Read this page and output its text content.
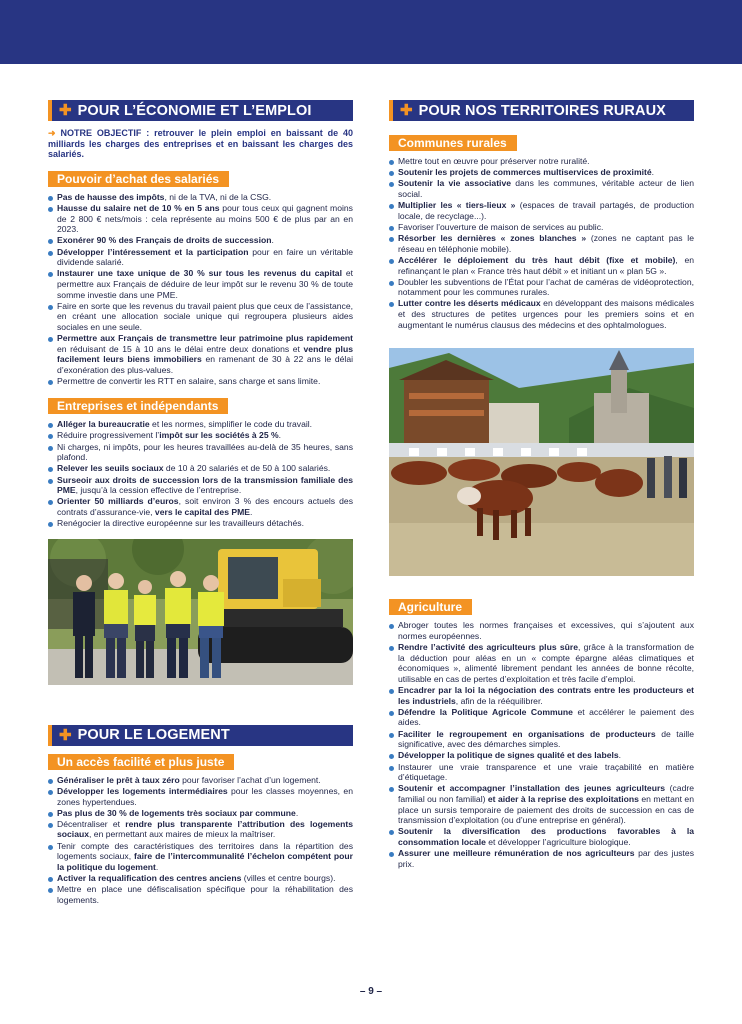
✚ POUR L’ÉCONOMIE ET L’EMPLOI

➜ NOTRE OBJECTIF : retrouver le plein emploi en baissant de 40 milliards les charges des entreprises et en baissant les charges des salariés.

Pouvoir d’achat des salariés
Pas de hausse des impôts, ni de la TVA, ni de la CSG.
Hausse du salaire net de 10 % en 5 ans pour tous ceux qui gagnent moins de 2 800 € nets/mois : cela représente au moins 500 € de plus par an en 2023.
Exonérer 90 % des Français de droits de succession.
Développer l’intéressement et la participation pour en faire un véritable dividende salarié.
Instaurer une taxe unique de 30 % sur tous les revenus du capital et permettre aux Français de déduire de leur impôt sur le revenu 30 % de toute somme investie dans une PME.
Faire en sorte que les revenus du travail paient plus que ceux de l’assistance, en créant une allocation sociale unique qui regroupera plusieurs aides sociales en une seule.
Permettre aux Français de transmettre leur patrimoine plus rapidement en réduisant de 15 à 10 ans le délai entre deux donations et vendre plus facilement leurs biens immobiliers en ramenant de 30 à 22 ans le délai d’exonération des plus-values.
Permettre de convertir les RTT en salaire, sans charge et sans limite.
Entreprises et indépendants
Alléger la bureaucratie et les normes, simplifier le code du travail.
Réduire progressivement l’impôt sur les sociétés à 25 %.
Ni charges, ni impôts, pour les heures travaillées au-delà de 35 heures, sans plafond.
Relever les seuils sociaux de 10 à 20 salariés et de 50 à 100 salariés.
Surseoir aux droits de succession lors de la transmission familiale des PME, jusqu’à la cession effective de l’entreprise.
Orienter 50 milliards d’euros, soit environ 3 % des encours actuels des contrats d’assurance-vie, vers le capital des PME.
Renégocier la directive européenne sur les travailleurs détachés.
✚ POUR LE LOGEMENT
Un accès facilité et plus juste
Généraliser le prêt à taux zéro pour favoriser l’achat d’un logement.
Développer les logements intermédiaires pour les classes moyennes, en zones hypertendues.
Pas plus de 30 % de logements très sociaux par commune.
Décentraliser et rendre plus transparente l’attribution des logements sociaux, en permettant aux maires de mieux la maîtriser.
Tenir compte des caractéristiques des territoires dans la répartition des logements sociaux, faire de l’intercommunalité l’échelon compétent pour la politique du logement.
Activer la requalification des centres anciens (villes et centre bourgs).
Mettre en place une défiscalisation spécifique pour la réhabilitation des logements.
✚ POUR NOS TERRITOIRES RURAUX
Communes rurales
Mettre tout en œuvre pour préserver notre ruralité.
Soutenir les projets de commerces multiservices de proximité.
Soutenir la vie associative dans les communes, véritable acteur de lien social.
Multiplier les « tiers-lieux » (espaces de travail partagés, de production locale, de recyclage...).
Favoriser l’ouverture de maison de services au public.
Résorber les dernières « zones blanches » (zones ne captant pas le réseau en téléphonie mobile).
Accélérer le déploiement du très haut débit (fixe et mobile), en refinançant le plan « France très haut débit » et initiant un « plan 5G ».
Doubler les subventions de l’État pour l’achat de caméras de vidéoprotection, notamment pour les communes rurales.
Lutter contre les déserts médicaux en développant des maisons médicales et des structures de petites urgences pour les premiers soins et en augmentant le numérus clausus des médecins et des ophtalmologues.
Agriculture
Abroger toutes les normes françaises et excessives, qui s’ajoutent aux normes européennes.
Rendre l’activité des agriculteurs plus sûre, grâce à la transformation de la déduction pour aléas en un « compte épargne aléas climatiques et économiques », alimenté librement pendant les années de bonne récolte, utilisable en cas de pertes d’exploitation et très facile d’emploi.
Encadrer par la loi la négociation des contrats entre les producteurs et les industriels, afin de la rééquilibrer.
Défendre la Politique Agricole Commune et accélérer le paiement des aides.
Faciliter le regroupement en organisations de producteurs de taille significative, avec des démarches simples.
Développer la politique de signes qualité et des labels.
Instaurer une vraie transparence et une vraie traçabilité en matière d’étiquetage.
Soutenir et accompagner l’installation des jeunes agriculteurs (cadre familial ou non familial) et aider à la reprise des exploitations en mettant en place un sursis temporaire de paiement des droits de succession en cas de transmission d’exploitation (ou d’une entreprise en général).
Soutenir la diversification des productions favorables à la consommation locale et développer l’agriculture biologique.
Assurer une meilleure rémunération de nos agriculteurs par des justes prix.
– 9 –
